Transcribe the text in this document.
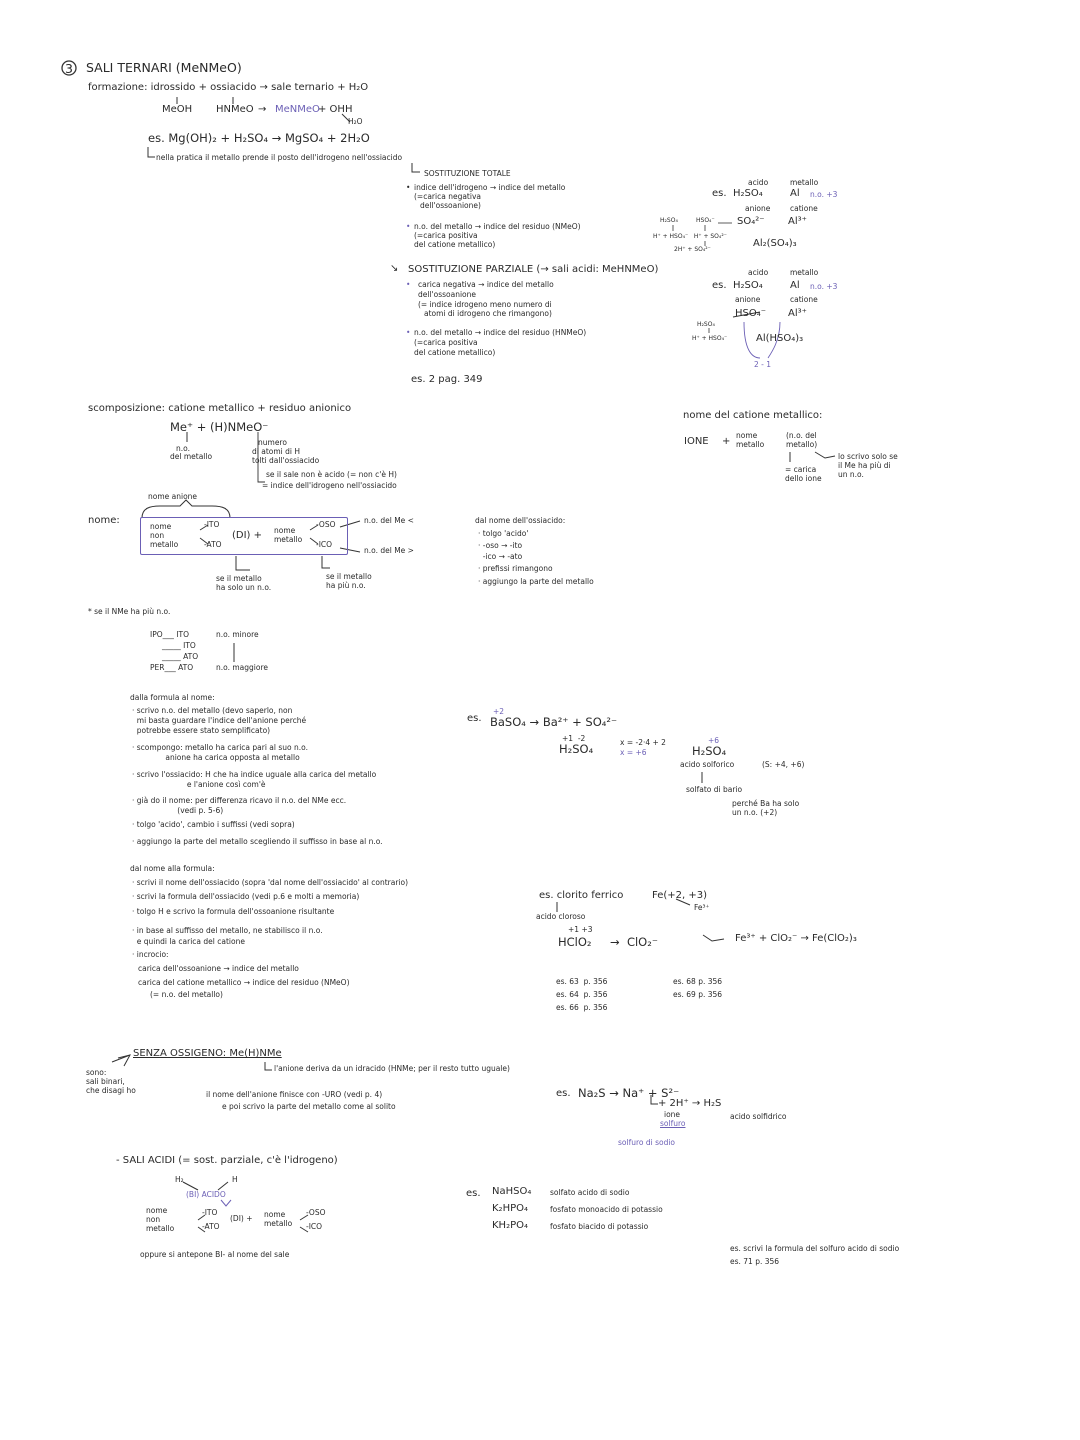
3 SALI TERNARI (MeNMeO)
formazione: idrossido + ossiacido → sale ternario + H₂O
MeOH HNMeO → MeNMeO
+ OHH
H₂O
es. Mg(OH)₂ + H₂SO₄ → MgSO₄ + 2H₂O
nella pratica il metallo prende il posto dell'idrogeno nell'ossiacido
SOSTITUZIONE TOTALE
• indice dell'idrogeno → indice del metallo
(=carica negativa
dell'ossoanione)
• n.o. del metallo → indice del residuo (NMeO)
(=carica positiva
del catione metallico)
H₂SO₄	HSO₄⁻
H⁺ + HSO₄⁻   H⁺ + SO₄²⁻
2H⁺ + SO₄²⁻
acido	metallo
es. H₂SO₄	Al n.o. +3
anione	catione
SO₄²⁻ Al³⁺
Al₂(SO₄)₃
↘ SOSTITUZIONE PARZIALE (→ sali acidi: MeHNMeO)
• carica negativa → indice del metallo
dell'ossoanione
(= indice idrogeno meno numero di
atomi di idrogeno che rimangono)
• n.o. del metallo → indice del residuo (HNMeO)
(=carica positiva
del catione metallico)
es. 2 pag. 349
acido	metallo
es. H₂SO₄	Al n.o. +3
anione	catione
HSO₄⁻ Al³⁺
H₂SO₄
H⁺ + HSO₄⁻	Al(HSO₄)₃
2 - 1
scomposizione: catione metallico + residuo anionico
Me⁺ + (H)NMeO⁻
n.o.
del metallo
numero
di atomi di H
tolti dall'ossiacido
se il sale non è acido (= non c'è H)
= indice dell'idrogeno nell'ossiacido
nome del catione metallico:
IONE +
nome
metallo
(n.o. del
metallo)
lo scrivo solo se
il Me ha più di
un n.o.
= carica
dello ione
nome anione
nome:
nome
non
metallo
-ITO
-ATO
(DI) + nome
metallo
-OSO
-ICO
n.o. del Me <
n.o. del Me >
se il metallo
ha solo un n.o.
se il metallo
ha più n.o.
dal nome dell'ossiacido:
· tolgo 'acido'
· -oso → -ito
-ico → -ato
· prefissi rimangono
· aggiungo la parte del metallo
* se il NMe ha più n.o.
IPO___ ITO
_____ ITO
_____ ATO
PER___ ATO
n.o. minore
n.o. maggiore
dalla formula al nome:
· scrivo n.o. del metallo (devo saperlo, non
mi basta guardare l'indice dell'anione perché
potrebbe essere stato semplificato)
· scompongo: metallo ha carica pari al suo n.o.
anione ha carica opposta al metallo
· scrivo l'ossiacido: H che ha indice uguale alla carica del metallo
e l'anione così com'è
· già do il nome: per differenza ricavo il n.o. del NMe ecc.
(vedi p. 5-6)
· tolgo 'acido', cambio i suffissi (vedi sopra)
· aggiungo la parte del metallo scegliendo il suffisso in base al n.o.
es.
+2
BaSO₄ → Ba²⁺ + SO₄²⁻
+1  -2
H₂SO₄	x = -2·4 + 2
x = +6
+6
H₂SO₄
acido solforico	(S: +4, +6)
solfato di bario
perché Ba ha solo
un n.o. (+2)
dal nome alla formula:
· scrivi il nome dell'ossiacido (sopra 'dal nome dell'ossiacido' al contrario)
· scrivi la formula dell'ossiacido (vedi p.6 e molti a memoria)
· tolgo H e scrivo la formula dell'ossoanione risultante
· in base al suffisso del metallo, ne stabilisco il n.o.
e quindi la carica del catione
· incrocio:
carica dell'ossoanione → indice del metallo
carica del catione metallico → indice del residuo (NMeO)
(= n.o. del metallo)
es. clorito ferrico	Fe(+2, +3)
Fe³⁺
acido cloroso
+1 +3
HClO₂ →  ClO₂⁻	Fe³⁺ + ClO₂⁻ → Fe(ClO₂)₃
es. 63  p. 356
es. 64  p. 356
es. 66  p. 356
es. 68 p. 356
es. 69 p. 356
SENZA OSSIGENO: Me(H)NMe
l'anione deriva da un idracido (HNMe; per il resto tutto uguale)
sono:
sali binari,
che disagi ho	il nome dell'anione finisce con -URO (vedi p. 4)
e poi scrivo la parte del metallo come al solito
es. Na₂S → Na⁺ + S²⁻
+ 2H⁺ → H₂S
ione
solfuro
acido solfidrico
solfuro di sodio
- SALI ACIDI (= sost. parziale, c'è l'idrogeno)
H₂	H
(BI) ACIDO
nome
non
metallo
-ITO
-ATO
(DI) + nome
metallo
-OSO
-ICO
oppure si antepone BI- al nome del sale
es. NaHSO₄ solfato acido di sodio
K₂HPO₄	fosfato monoacido di potassio
KH₂PO₄	fosfato biacido di potassio
es. scrivi la formula del solfuro acido di sodio
es. 71 p. 356
